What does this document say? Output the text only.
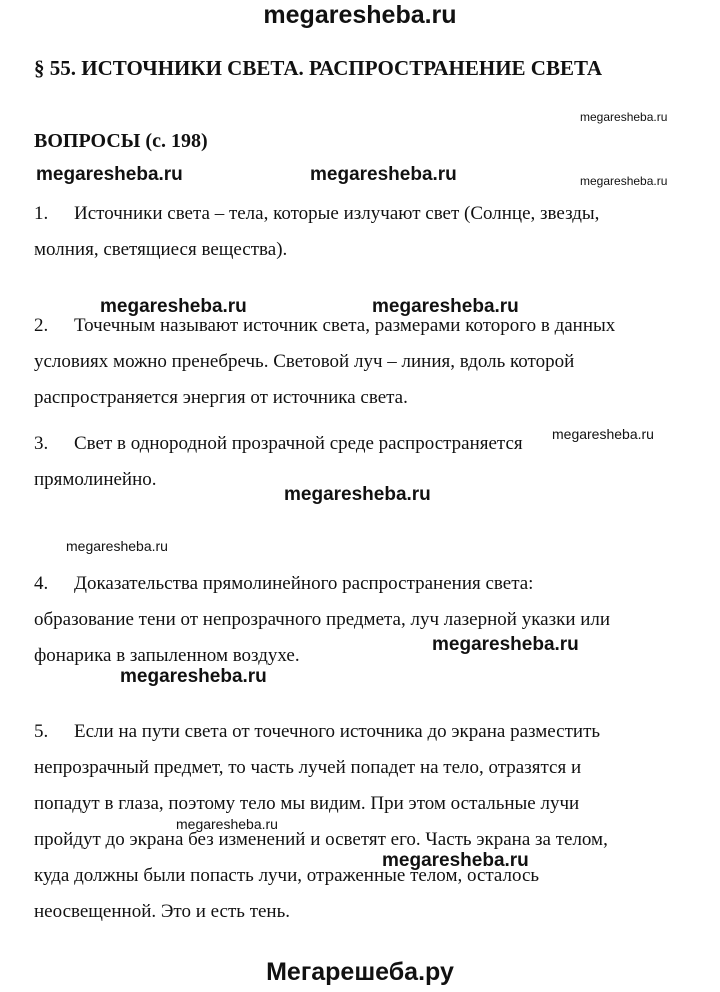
megaresheba.ru
§ 55. ИСТОЧНИКИ СВЕТА. РАСПРОСТРАНЕНИЕ СВЕТА
megaresheba.ru
ВОПРОСЫ (с. 198)
megaresheba.ru	megaresheba.ru	megaresheba.ru
1. Источники света – тела, которые излучают свет (Солнце, звезды,
молния, светящиеся вещества).
megaresheba.ru	megaresheba.ru
2. Точечным называют источник света, размерами которого в данных
условиях можно пренебречь. Световой луч – линия, вдоль которой
распространяется энергия от источника света.
megaresheba.ru
3. Свет в однородной прозрачной среде распространяется
прямолинейно.
megaresheba.ru
megaresheba.ru
4. Доказательства прямолинейного распространения света:
образование тени от непрозрачного предмета, луч лазерной указки или
фонарика в запыленном воздухе.
megaresheba.ru
megaresheba.ru
5. Если на пути света от точечного источника до экрана разместить
непрозрачный предмет, то часть лучей попадет на тело, отразятся и
попадут в глаза, поэтому тело мы видим. При этом остальные лучи
пройдут до экрана без изменений и осветят его. Часть экрана за телом,
куда должны были попасть лучи, отраженные телом, осталось
неосвещенной. Это и есть тень.
megaresheba.ru
megaresheba.ru
Мегарешеба.ру
